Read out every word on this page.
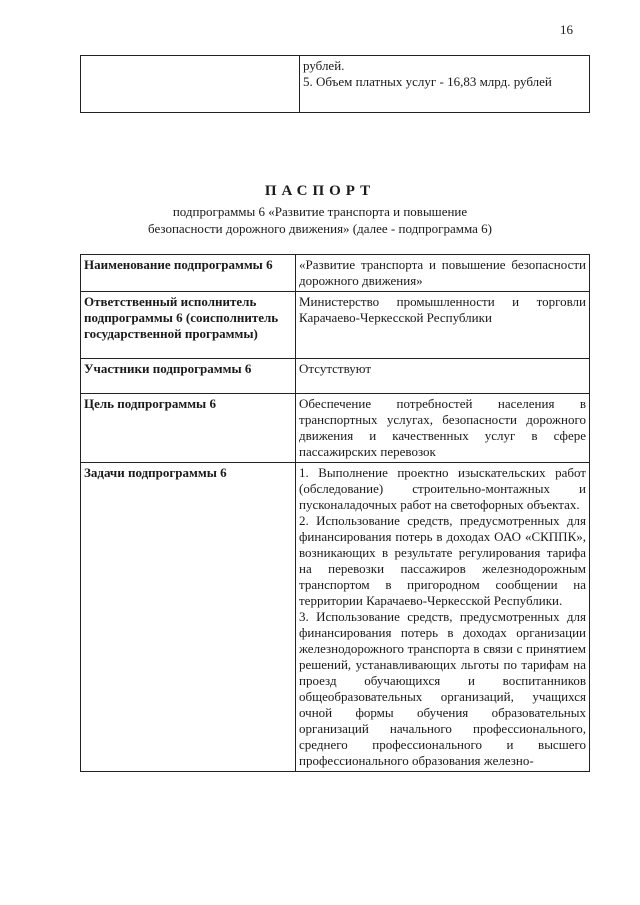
16

рублей.
5. Объем платных услуг - 16,83 млрд. рублей
ПАСПОРТ
подпрограммы 6 «Развитие транспорта и повышение
безопасности дорожного движения» (далее - подпрограмма 6)
Наименование подпрограммы 6	«Развитие транспорта и повышение безопасности дорожного движения»
Ответственный исполнитель подпрограммы 6 (соисполнитель государственной программы)	Министерство промышленности и торговли Карачаево-Черкесской Республики
Участники подпрограммы 6	Отсутствуют
Цель подпрограммы 6	Обеспечение потребностей населения в транспортных услугах, безопасности дорожного движения и качественных услуг в сфере пассажирских перевозок
Задачи подпрограммы 6	1. Выполнение проектно изыскательских работ (обследование) строительно-монтажных и пусконаладочных работ на светофорных объектах.

2. Использование средств, предусмотренных для финансирования потерь в доходах ОАО «СКППК», возникающих в результате регулирования тарифа на перевозки пассажиров железнодорожным транспортом в пригородном сообщении на территории Карачаево-Черкесской Республики.

3. Использование средств, предусмотренных для финансирования потерь в доходах организации железнодорожного транспорта в связи с принятием решений, устанавливающих льготы по тарифам на проезд обучающихся и воспитанников общеобразовательных организаций, учащихся очной формы обучения образовательных организаций начального профессионального, среднего профессионального и высшего профессионального образования железно-
